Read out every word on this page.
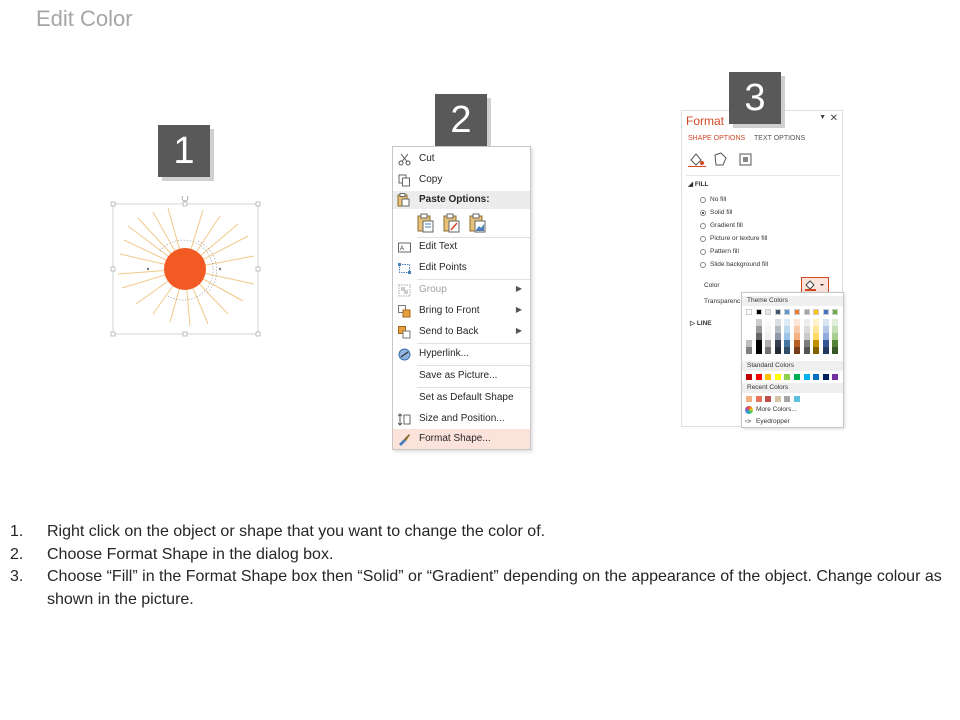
Edit Color
1
2
Cut
Copy
Paste Options:
A Edit Text
Edit Points
Group	▶
Bring to Front	▶
Send to Back	▶
Hyperlink...
Save as Picture...
Set as Default Shape
Size and Position...
Format Shape...
Format	▼ ✕
SHAPE OPTIONS TEXT OPTIONS
◢ FILL
No fill
Solid fill
Gradient fill
Picture or texture fill
Pattern fill
Slide background fill
Color
Transparenc
▷ LINE
3
Theme Colors
Standard Colors
Recent Colors
More Colors...
✑ Eyedropper
1. Right click on the object or shape that you want to change the color of.
2. Choose Format Shape in the dialog box.
3. Choose “Fill” in the Format Shape box then “Solid” or “Gradient” depending on the appearance of the object. Change colour as shown in the picture.
